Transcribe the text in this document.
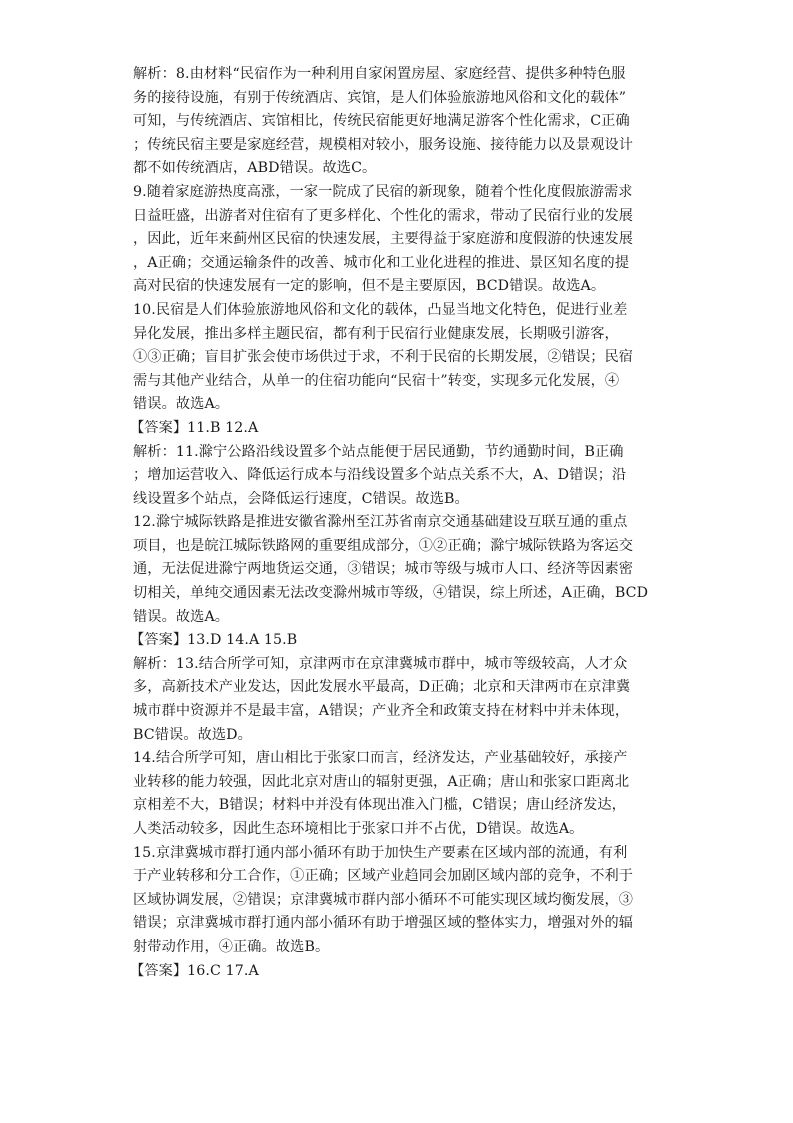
解析：8.由材料“民宿作为一种利用自家闲置房屋、家庭经营、提供多种特色服
务的接待设施，有别于传统酒店、宾馆，是人们体验旅游地风俗和文化的载体”
可知，与传统酒店、宾馆相比，传统民宿能更好地满足游客个性化需求，C正确
；传统民宿主要是家庭经营，规模相对较小，服务设施、接待能力以及景观设计
都不如传统酒店，ABD错误。故选C。
9.随着家庭游热度高涨，一家一院成了民宿的新现象，随着个性化度假旅游需求
日益旺盛，出游者对住宿有了更多样化、个性化的需求，带动了民宿行业的发展
，因此，近年来蓟州区民宿的快速发展，主要得益于家庭游和度假游的快速发展
，A正确；交通运输条件的改善、城市化和工业化进程的推进、景区知名度的提
高对民宿的快速发展有一定的影响，但不是主要原因，BCD错误。故选A。
10.民宿是人们体验旅游地风俗和文化的载体，凸显当地文化特色，促进行业差
异化发展，推出多样主题民宿，都有利于民宿行业健康发展，长期吸引游客，
①③正确；盲目扩张会使市场供过于求，不利于民宿的长期发展，②错误；民宿
需与其他产业结合，从单一的住宿功能向“民宿十”转变，实现多元化发展，④
错误。故选A。
【答案】11.B 12.A
解析：11.滁宁公路沿线设置多个站点能便于居民通勤，节约通勤时间，B正确
；增加运营收入、降低运行成本与沿线设置多个站点关系不大，A、D错误；沿
线设置多个站点，会降低运行速度，C错误。故选B。
12.滁宁城际铁路是推进安徽省滁州至江苏省南京交通基础建设互联互通的重点
项目，也是皖江城际铁路网的重要组成部分，①②正确；滁宁城际铁路为客运交
通，无法促进滁宁两地货运交通，③错误；城市等级与城市人口、经济等因素密
切相关，单纯交通因素无法改变滁州城市等级，④错误，综上所述，A正确，BCD
错误。故选A。
【答案】13.D 14.A 15.B
解析：13.结合所学可知，京津两市在京津冀城市群中，城市等级较高，人才众
多，高新技术产业发达，因此发展水平最高，D正确；北京和天津两市在京津冀
城市群中资源并不是最丰富，A错误；产业齐全和政策支持在材料中并未体现，
BC错误。故选D。
14.结合所学可知，唐山相比于张家口而言，经济发达，产业基础较好，承接产
业转移的能力较强，因此北京对唐山的辐射更强，A正确；唐山和张家口距离北
京相差不大，B错误；材料中并没有体现出准入门槛，C错误；唐山经济发达，
人类活动较多，因此生态环境相比于张家口并不占优，D错误。故选A。
15.京津冀城市群打通内部小循环有助于加快生产要素在区域内部的流通，有利
于产业转移和分工合作，①正确；区域产业趋同会加剧区域内部的竞争，不利于
区域协调发展，②错误；京津冀城市群内部小循环不可能实现区域均衡发展，③
错误；京津冀城市群打通内部小循环有助于增强区域的整体实力，增强对外的辐
射带动作用，④正确。故选B。
【答案】16.C 17.A
